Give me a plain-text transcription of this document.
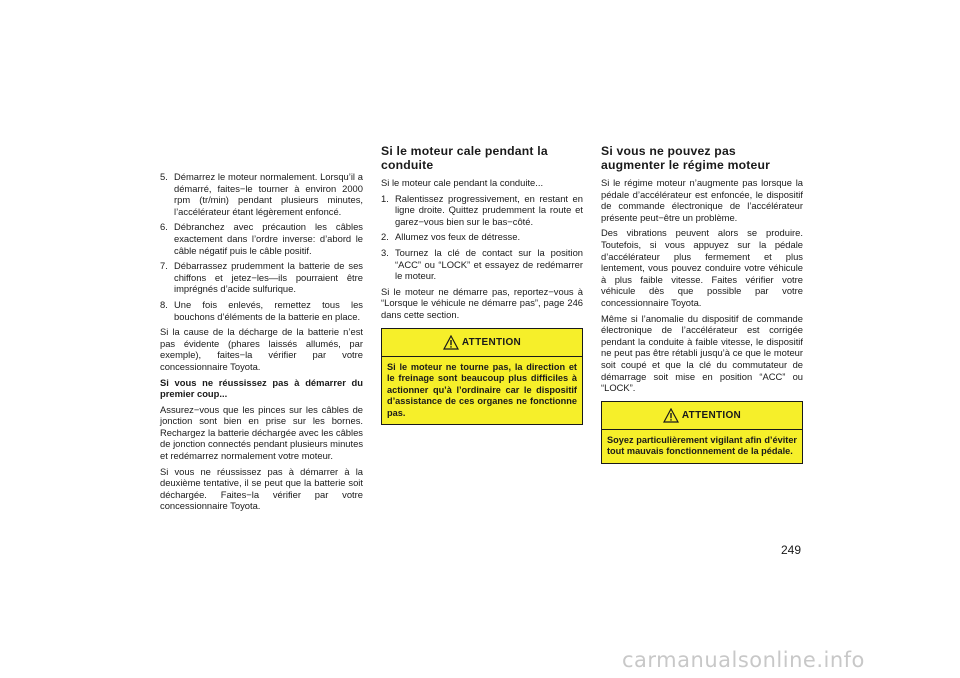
5. Démarrez le moteur normalement. Lorsqu’il a démarré, faites−le tourner à environ 2000 rpm (tr/min) pendant plusieurs minutes, l’accélérateur étant légèrement enfoncé.
6. Débranchez avec précaution les câbles exactement dans l’ordre inverse: d’abord le câble négatif puis le câble positif.
7. Débarrassez prudemment la batterie de ses chiffons et jetez−les—ils pourraient être imprégnés d’acide sulfurique.
8. Une fois enlevés, remettez tous les bouchons d’éléments de la batterie en place.

Si la cause de la décharge de la batterie n’est pas évidente (phares laissés allumés, par exemple), faites−la vérifier par votre concessionnaire Toyota.

Si vous ne réussissez pas à démarrer du premier coup...

Assurez−vous que les pinces sur les câbles de jonction sont bien en prise sur les bornes. Rechargez la batterie déchargée avec les câbles de jonction connectés pendant plusieurs minutes et redémarrez normalement votre moteur.

Si vous ne réussissez pas à démarrer à la deuxième tentative, il se peut que la batterie soit déchargée. Faites−la vérifier par votre concessionnaire Toyota.

Si le moteur cale pendant la conduite

Si le moteur cale pendant la conduite...

1. Ralentissez progressivement, en restant en ligne droite. Quittez prudemment la route et garez−vous bien sur le bas−côté.
2. Allumez vos feux de détresse.
3. Tournez la clé de contact sur la position “ACC” ou “LOCK” et essayez de redémarrer le moteur.

Si le moteur ne démarre pas, reportez−vous à “Lorsque le véhicule ne démarre pas”, page 246 dans cette section.

ATTENTION
Si le moteur ne tourne pas, la direction et le freinage sont beaucoup plus difficiles à actionner qu’à l’ordinaire car le dispositif d’assistance de ces organes ne fonctionne pas.
Si vous ne pouvez pas augmenter le régime moteur

Si le régime moteur n’augmente pas lorsque la pédale d’accélérateur est enfoncée, le dispositif de commande électronique de l’accélérateur présente peut−être un problème.

Des vibrations peuvent alors se produire. Toutefois, si vous appuyez sur la pédale d’accélérateur plus fermement et plus lentement, vous pouvez conduire votre véhicule à plus faible vitesse. Faites vérifier votre véhicule dès que possible par votre concessionnaire Toyota.

Même si l’anomalie du dispositif de commande électronique de l’accélérateur est corrigée pendant la conduite à faible vitesse, le dispositif ne peut pas être rétabli jusqu’à ce que le moteur soit coupé et que la clé du commutateur de démarrage soit mise en position “ACC” ou “LOCK”.

ATTENTION
Soyez particulièrement vigilant afin d’éviter tout mauvais fonctionnement de la pédale.
249
carmanualsonline.info
